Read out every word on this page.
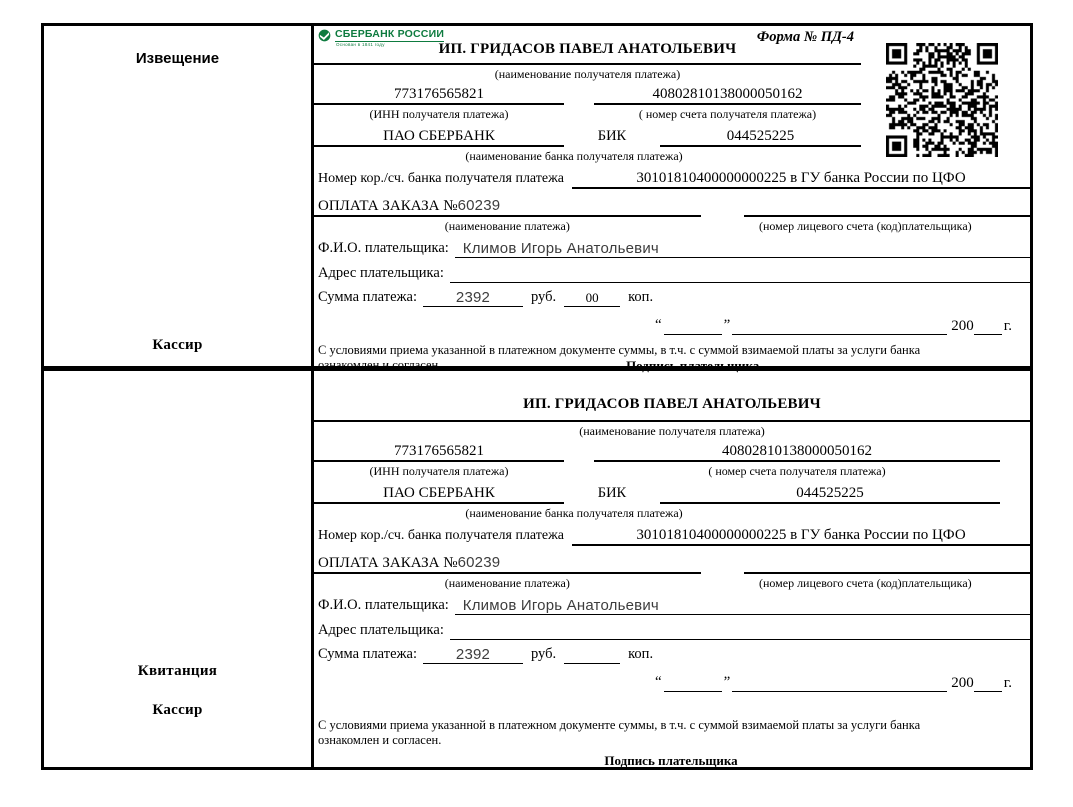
Извещение
Кассир
СБЕРБАНК РОССИИ
Основан в 1841 году	Форма № ПД-4
ИП. ГРИДАСОВ ПАВЕЛ АНАТОЛЬЕВИЧ
(наименование получателя платежа)
773176565821	40802810138000050162
(ИНН получателя платежа)	( номер счета получателя платежа)
ПАО СБЕРБАНК	БИК	044525225
(наименование банка получателя платежа)
Номер кор./сч. банка получателя платежа	30101810400000000225 в ГУ банка России по ЦФО
ОПЛАТА ЗАКАЗА №60239

(наименование платежа)	(номер лицевого счета (код)плательщика)
Ф.И.О. плательщика: Климов Игорь Анатольевич
Адрес плательщика:

Сумма платежа:	2392	руб.	00	коп.
“
	”
	200
г.
С условиями приема указанной в платежном документе суммы, в т.ч. с суммой взимаемой платы за услуги банка
ознакомлен и согласен.	Подпись плательщика
Квитанция
Кассир
ИП. ГРИДАСОВ ПАВЕЛ АНАТОЛЬЕВИЧ
(наименование получателя платежа)
773176565821	40802810138000050162
(ИНН получателя платежа)	( номер счета получателя платежа)
ПАО СБЕРБАНК	БИК	044525225
(наименование банка получателя платежа)
Номер кор./сч. банка получателя платежа	30101810400000000225 в ГУ банка России по ЦФО
ОПЛАТА ЗАКАЗА №60239

(наименование платежа)	(номер лицевого счета (код)плательщика)
Ф.И.О. плательщика: Климов Игорь Анатольевич
Адрес плательщика:

Сумма платежа:	2392	руб.
	коп.
“
	”
	200
г.
С условиями приема указанной в платежном документе суммы, в т.ч. с суммой взимаемой платы за услуги банка
ознакомлен и согласен.
Подпись плательщика
